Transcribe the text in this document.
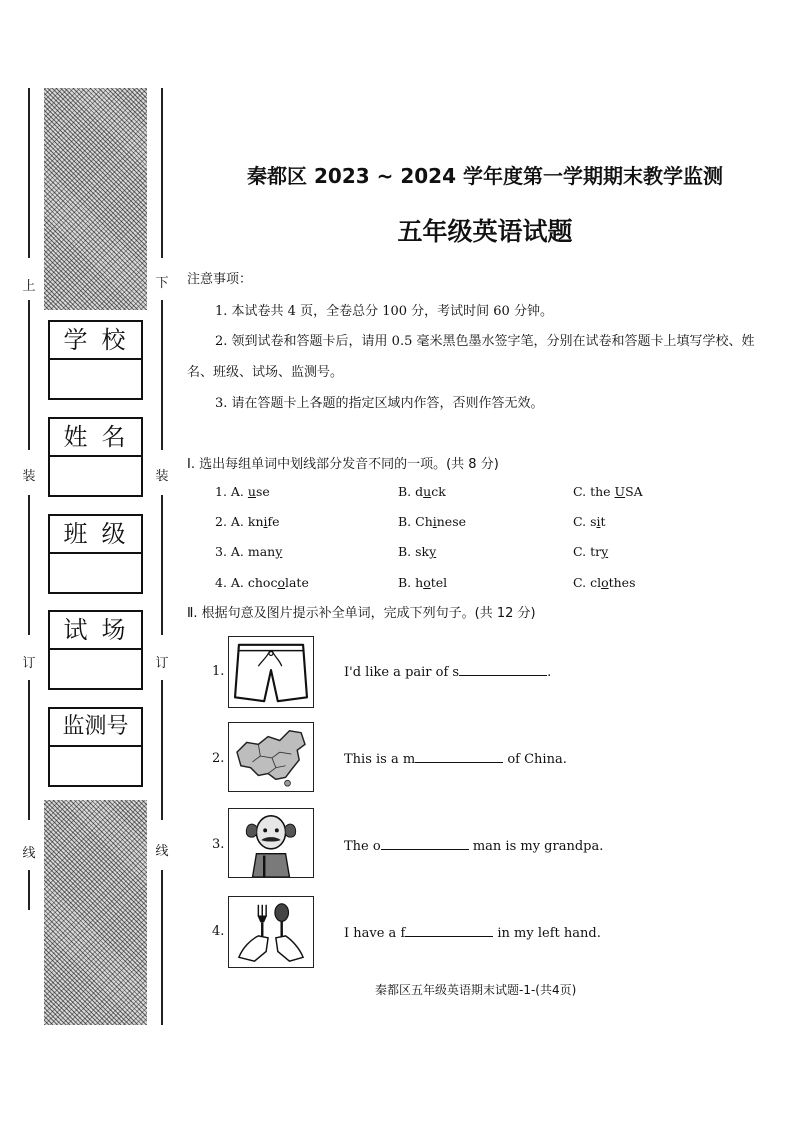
上
装
订
线
下
装
订
线
学校
姓名
班级
试场
监测号
秦都区 2023 ~ 2024 学年度第一学期期末教学监测
五年级英语试题
注意事项：

1. 本试卷共 4 页，全卷总分 100 分，考试时间 60 分钟。

2. 领到试卷和答题卡后，请用 0.5 毫米黑色墨水签字笔，分别在试卷和答题卡上填写学校、姓

名、班级、试场、监测号。

3. 请在答题卡上各题的指定区域内作答，否则作答无效。

Ⅰ. 选出每组单词中划线部分发音不同的一项。(共 8 分)
1. A. use	B. duck	C. the USA
2. A. knife	B. Chinese	C. sit
3. A. many	B. sky	C. try
4. A. chocolate	B. hotel	C. clothes
Ⅱ. 根据句意及图片提示补全单词，完成下列句子。(共 12 分)
1.	I'd like a pair of s	.
2.	This is a m	of China.
3.	The o	man is my grandpa.
4.	I have a f	in my left hand.
秦都区五年级英语期末试题-1-(共4页)
